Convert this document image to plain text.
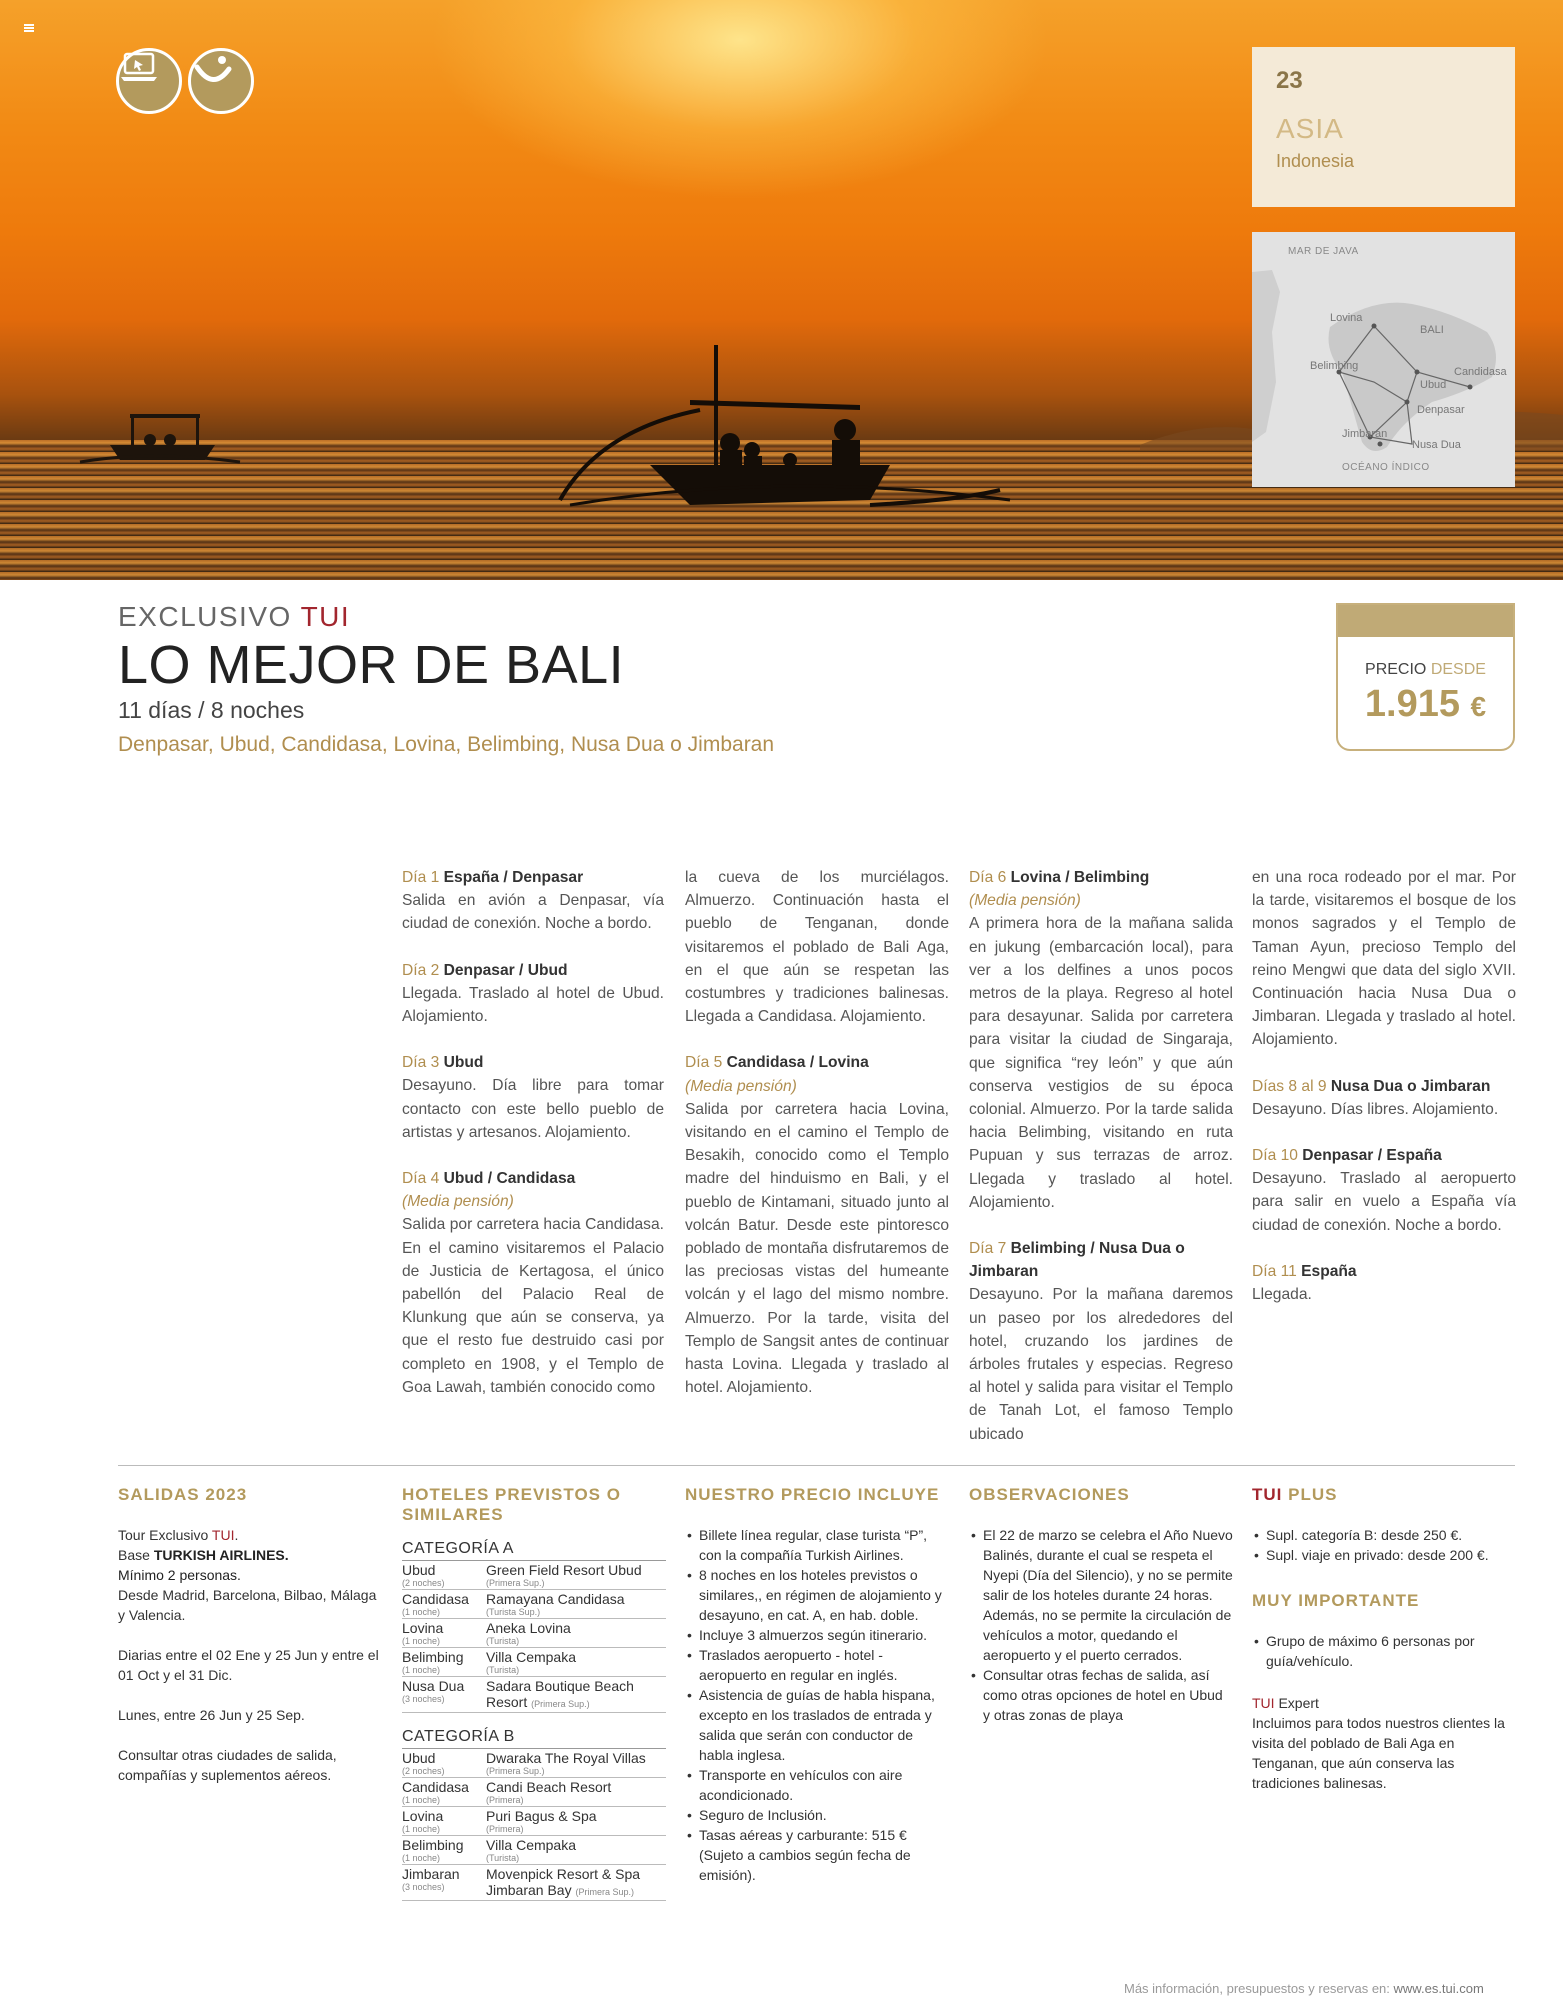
23
ASIA
Indonesia
MAR DE JAVA
BALI
Lovina
Belimbing
Ubud
Candidasa
Denpasar
Jimbaran
Nusa Dua
OCÉANO ÍNDICO
EXCLUSIVO TUI
LO MEJOR DE BALI
11 días / 8 noches
Denpasar, Ubud, Candidasa, Lovina, Belimbing, Nusa Dua o Jimbaran
PRECIO DESDE
1.915 €
Día 1 España / Denpasar

Salida en avión a Denpasar, vía ciudad de conexión. Noche a bordo.

Día 2 Denpasar / Ubud

Llegada. Traslado al hotel de Ubud. Alojamiento.

Día 3 Ubud

Desayuno. Día libre para tomar contacto con este bello pueblo de artistas y artesanos. Alojamiento.

Día 4 Ubud / Candidasa
(Media pensión)

Salida por carretera hacia Candidasa. En el camino visitaremos el Palacio de Justicia de Kertagosa, el único pabellón del Palacio Real de Klunkung que aún se conserva, ya que el resto fue destruido casi por completo en 1908, y el Templo de Goa Lawah, también conocido como

la cueva de los murciélagos. Almuerzo. Continuación hasta el pueblo de Tenganan, donde visitaremos el poblado de Bali Aga, en el que aún se respetan las costumbres y tradiciones balinesas. Llegada a Candidasa. Alojamiento.

Día 5 Candidasa / Lovina
(Media pensión)

Salida por carretera hacia Lovina, visitando en el camino el Templo de Besakih, conocido como el Templo madre del hinduismo en Bali, y el pueblo de Kintamani, situado junto al volcán Batur. Desde este pintoresco poblado de montaña disfrutaremos de las preciosas vistas del humeante volcán y el lago del mismo nombre. Almuerzo. Por la tarde, visita del Templo de Sangsit antes de continuar hasta Lovina. Llegada y traslado al hotel. Alojamiento.

Día 6 Lovina / Belimbing
(Media pensión)

A primera hora de la mañana salida en jukung (embarcación local), para ver a los delfines a unos pocos metros de la playa. Regreso al hotel para desayunar. Salida por carretera para visitar la ciudad de Singaraja, que significa “rey león” y que aún conserva vestigios de su época colonial. Almuerzo. Por la tarde salida hacia Belimbing, visitando en ruta Pupuan y sus terrazas de arroz. Llegada y traslado al hotel. Alojamiento.

Día 7 Belimbing / Nusa Dua o Jimbaran

Desayuno. Por la mañana daremos un paseo por los alrededores del hotel, cruzando los jardines de árboles frutales y especias. Regreso al hotel y salida para visitar el Templo de Tanah Lot, el famoso Templo ubicado

en una roca rodeado por el mar. Por la tarde, visitaremos el bosque de los monos sagrados y el Templo de Taman Ayun, precioso Templo del reino Mengwi que data del siglo XVII. Continuación hacia Nusa Dua o Jimbaran. Llegada y traslado al hotel. Alojamiento.

Días 8 al 9 Nusa Dua o Jimbaran

Desayuno. Días libres. Alojamiento.

Día 10 Denpasar / España

Desayuno. Traslado al aeropuerto para salir en vuelo a España vía ciudad de conexión. Noche a bordo.

Día 11 España

Llegada.

SALIDAS 2023

Tour Exclusivo TUI.
Base TURKISH AIRLINES.
Mínimo 2 personas.
Desde Madrid, Barcelona, Bilbao, Málaga y Valencia.

Diarias entre el 02 Ene y 25 Jun y entre el 01 Oct y el 31 Dic.

Lunes, entre 26 Jun y 25 Sep.

Consultar otras ciudades de salida, compañías y suplementos aéreos.

HOTELES PREVISTOS O SIMILARES
CATEGORÍA A
Ubud
(2 noches)
Green Field Resort Ubud
(Primera Sup.)
Candidasa
(1 noche)
Ramayana Candidasa
(Turista Sup.)
Lovina
(1 noche)
Aneka Lovina
(Turista)
Belimbing
(1 noche)
Villa Cempaka
(Turista)
Nusa Dua
(3 noches)
Sadara Boutique Beach
Resort (Primera Sup.)
CATEGORÍA B
Ubud
(2 noches)
Dwaraka The Royal Villas
(Primera Sup.)
Candidasa
(1 noche)
Candi Beach Resort
(Primera)
Lovina
(1 noche)
Puri Bagus & Spa
(Primera)
Belimbing
(1 noche)
Villa Cempaka
(Turista)
Jimbaran
(3 noches)
Movenpick Resort & Spa
Jimbaran Bay (Primera Sup.)
NUESTRO PRECIO INCLUYE
• Billete línea regular, clase turista “P”, con la compañía Turkish Airlines.
• 8 noches en los hoteles previstos o similares,, en régimen de alojamiento y desayuno, en cat. A, en hab. doble.
• Incluye 3 almuerzos según itinerario.
• Traslados aeropuerto - hotel - aeropuerto en regular en inglés.
• Asistencia de guías de habla hispana, excepto en los traslados de entrada y salida que serán con conductor de habla inglesa.
• Transporte en vehículos con aire acondicionado.
• Seguro de Inclusión.
• Tasas aéreas y carburante: 515 € (Sujeto a cambios según fecha de emisión).
OBSERVACIONES
• El 22 de marzo se celebra el Año Nuevo Balinés, durante el cual se respeta el Nyepi (Día del Silencio), y no se permite salir de los hoteles durante 24 horas. Además, no se permite la circulación de vehículos a motor, quedando el aeropuerto y el puerto cerrados.
• Consultar otras fechas de salida, así como otras opciones de hotel en Ubud y otras zonas de playa
TUI PLUS
• Supl. categoría B: desde 250 €.
• Supl. viaje en privado: desde 200 €.
MUY IMPORTANTE
• Grupo de máximo 6 personas por guía/vehículo.
TUI Expert

Incluimos para todos nuestros clientes la visita del poblado de Bali Aga en Tenganan, que aún conserva las tradiciones balinesas.

Más información, presupuestos y reservas en: www.es.tui.com
